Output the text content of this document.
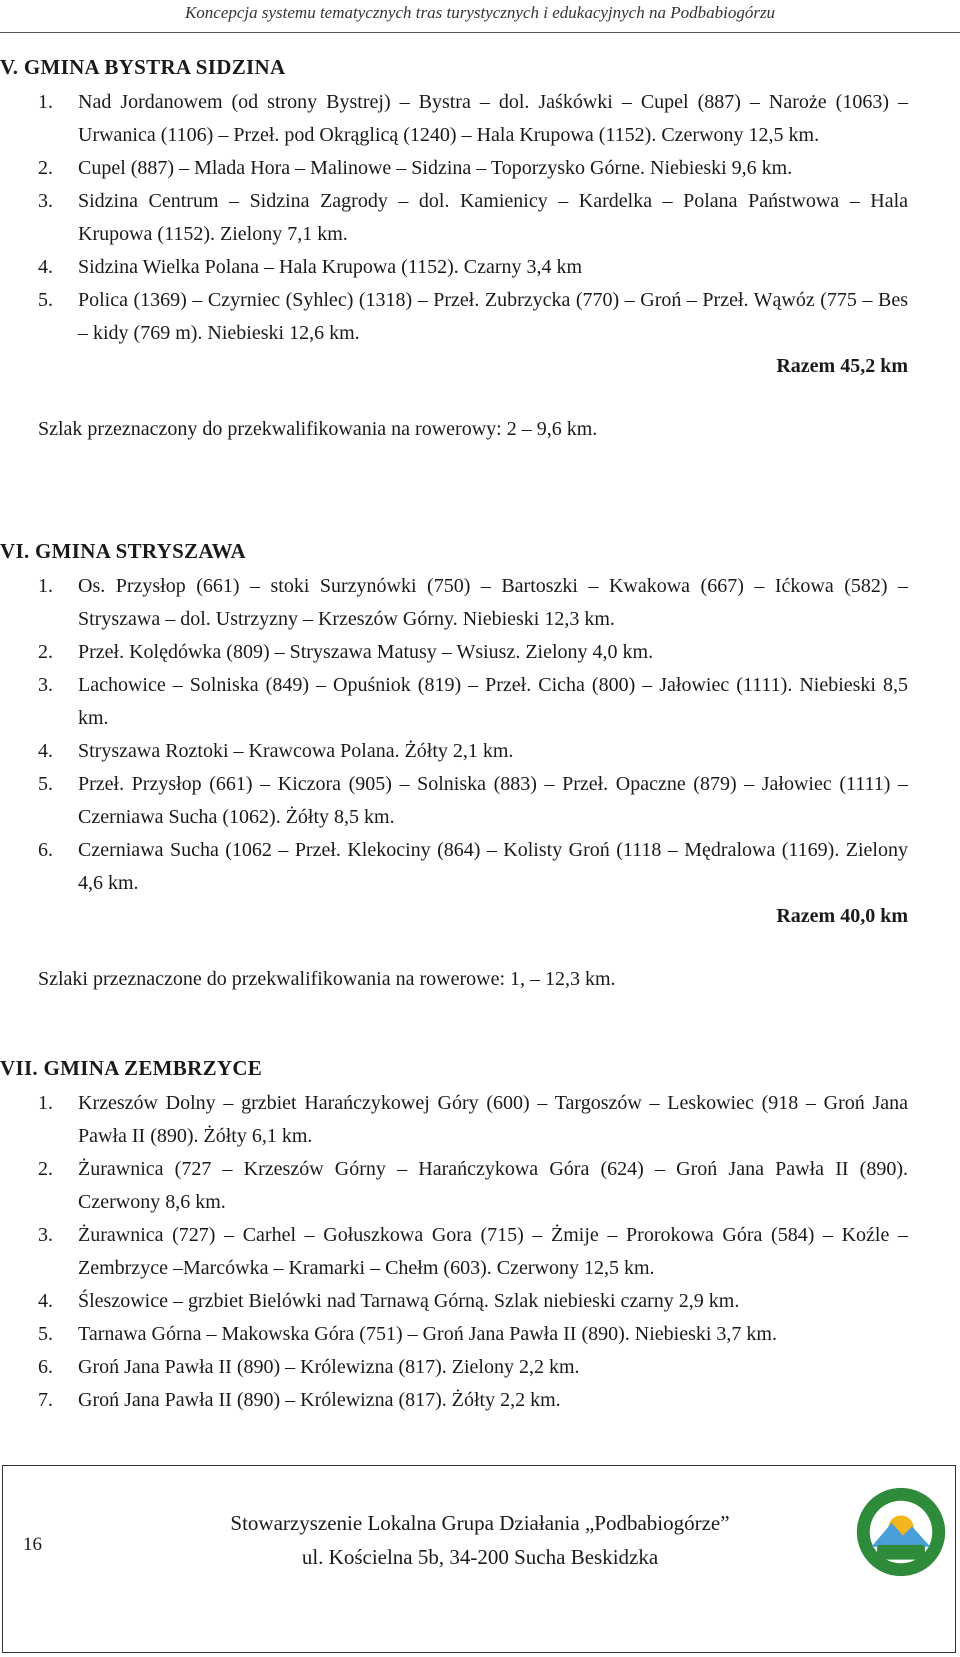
Koncepcja systemu tematycznych tras turystycznych i edukacyjnych na Podbabiogórzu
V. GMINA BYSTRA SIDZINA
1. Nad Jordanowem (od strony Bystrej) – Bystra – dol. Jaśkówki – Cupel (887) – Naroże (1063) – Urwanica (1106) – Przeł. pod Okrąglicą (1240) – Hala Krupowa (1152). Czerwony 12,5 km.
2. Cupel (887) – Mlada Hora – Malinowe – Sidzina – Toporzysko Górne. Niebieski 9,6 km.
3. Sidzina Centrum – Sidzina Zagrody – dol. Kamienicy – Kardelka – Polana Państwowa – Hala Krupowa (1152). Zielony 7,1 km.
4. Sidzina Wielka Polana – Hala Krupowa (1152). Czarny 3,4 km
5. Polica (1369) – Czyrniec (Syhlec) (1318) – Przeł. Zubrzycka (770) – Groń – Przeł. Wąwóz (775 – Bes – kidy (769 m). Niebieski 12,6 km.
Razem 45,2 km
Szlak przeznaczony do przekwalifikowania na rowerowy: 2 – 9,6 km.
VI. GMINA STRYSZAWA
1. Os. Przysłop (661) – stoki Surzynówki (750) – Bartoszki – Kwakowa (667) – Ićkowa (582) – Stryszawa – dol. Ustrzyzny – Krzeszów Górny. Niebieski 12,3 km.
2. Przeł. Kolędówka (809) – Stryszawa Matusy – Wsiusz. Zielony 4,0 km.
3. Lachowice – Solniska (849) – Opuśniok (819) – Przeł. Cicha (800) – Jałowiec (1111). Niebieski 8,5 km.
4. Stryszawa Roztoki – Krawcowa Polana. Żółty 2,1 km.
5. Przeł. Przysłop (661) – Kiczora (905) – Solniska (883) – Przeł. Opaczne (879) – Jałowiec (1111) – Czerniawa Sucha (1062). Żółty 8,5 km.
6. Czerniawa Sucha (1062 – Przeł. Klekociny (864) – Kolisty Groń (1118 – Mędralowa (1169). Zielony 4,6 km.
Razem 40,0 km
Szlaki przeznaczone do przekwalifikowania na rowerowe: 1, – 12,3 km.
VII. GMINA ZEMBRZYCE
1. Krzeszów Dolny – grzbiet Harańczykowej Góry (600) – Targoszów – Leskowiec (918 – Groń Jana Pawła II (890). Żółty 6,1 km.
2. Żurawnica (727 – Krzeszów Górny – Harańczykowa Góra (624) – Groń Jana Pawła II (890). Czerwony 8,6 km.
3. Żurawnica (727) – Carhel – Gołuszkowa Gora (715) – Żmije – Prorokowa Góra (584) – Koźle – Zembrzyce –Marcówka – Kramarki – Chełm (603). Czerwony 12,5 km.
4. Śleszowice – grzbiet Bielówki nad Tarnawą Górną. Szlak niebieski czarny 2,9 km.
5. Tarnawa Górna – Makowska Góra (751) – Groń Jana Pawła II (890). Niebieski 3,7 km.
6. Groń Jana Pawła II (890) – Królewizna (817). Zielony 2,2 km.
7. Groń Jana Pawła II (890) – Królewizna (817). Żółty 2,2 km.
16
Stowarzyszenie Lokalna Grupa Działania „Podbabiogórze”
ul. Kościelna 5b, 34-200 Sucha Beskidzka
